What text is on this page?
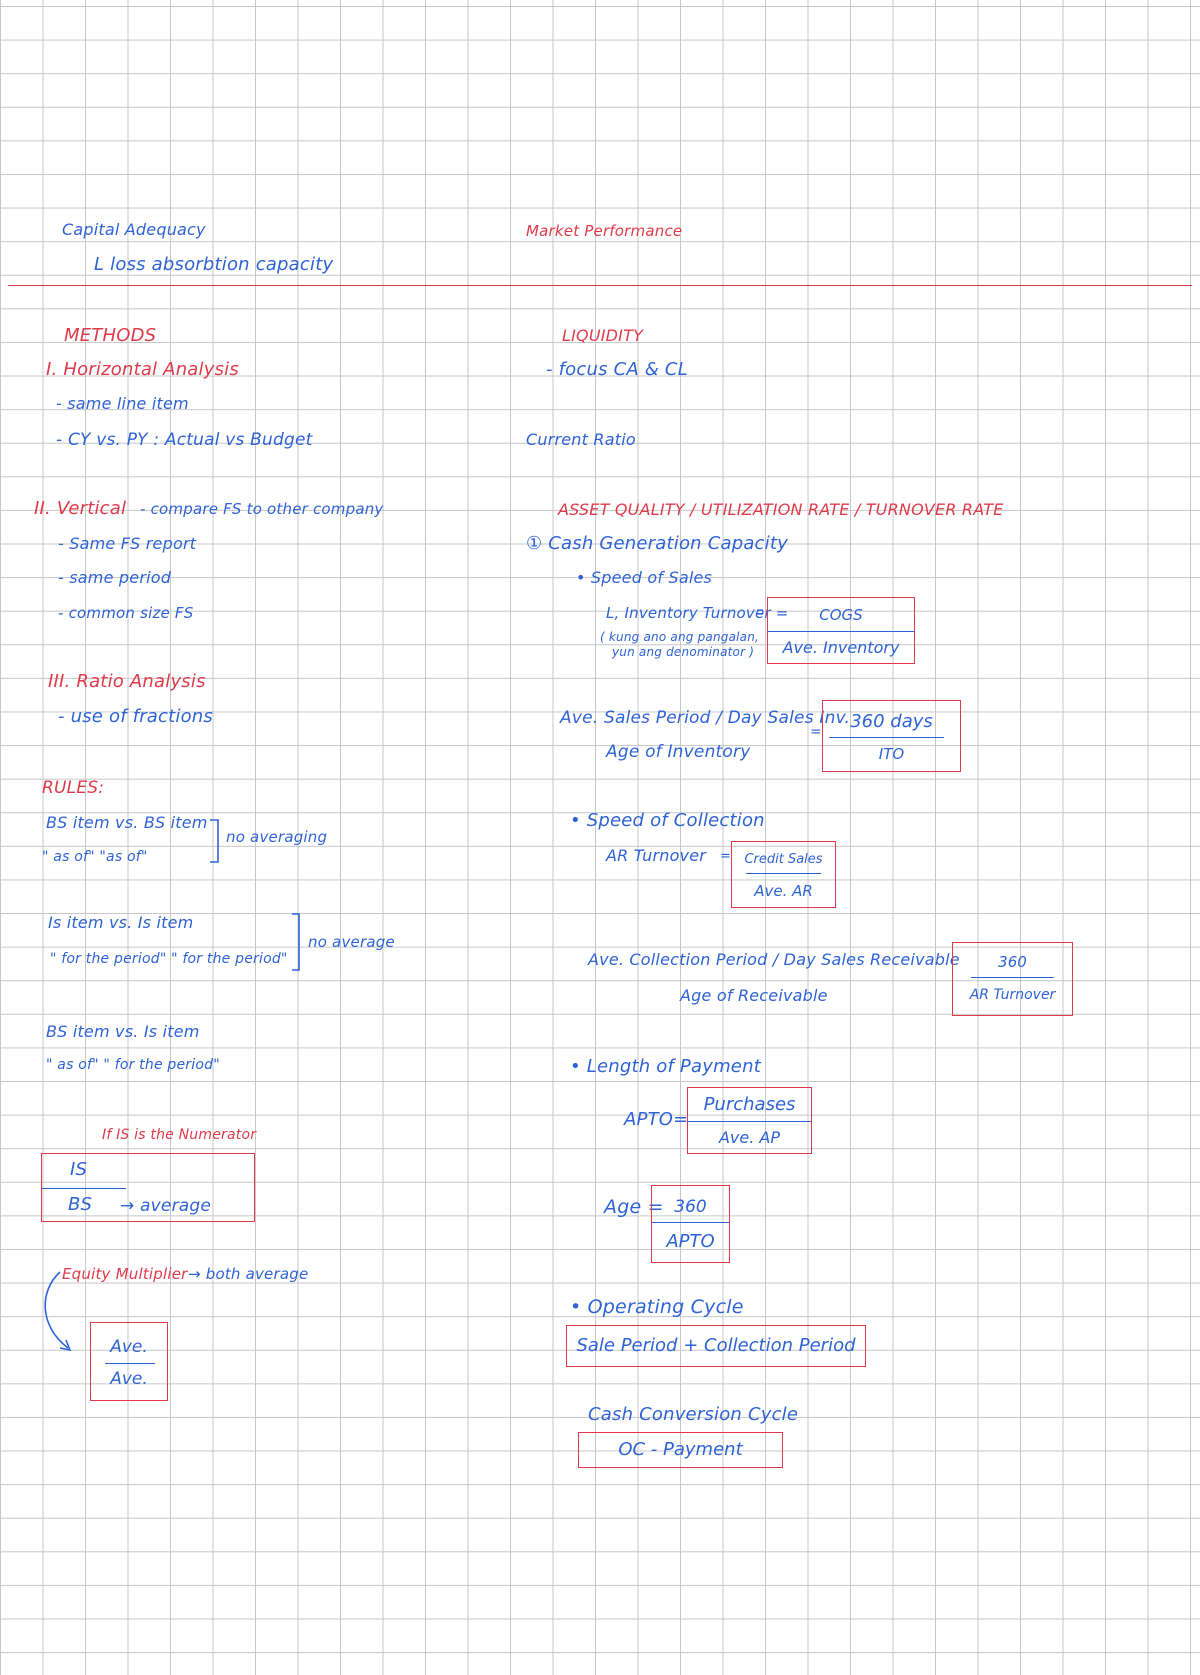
Capital Adequacy
L loss absorbtion capacity
Market Performance
METHODS
I. Horizontal Analysis
- same line item
- CY vs. PY : Actual vs Budget
II. Vertical - compare FS to other company
- Same FS report
- same period
- common size FS
III. Ratio Analysis
- use of fractions
RULES:
BS item vs. BS item
" as of" "as of"
no averaging
Is item vs. Is item
" for the period" " for the period"
no average
BS item vs. Is item
" as of" " for the period"
If IS is the Numerator
IS
BS → average
Equity Multiplier → both average
Ave.
Ave.
LIQUIDITY
- focus CA & CL
Current Ratio
ASSET QUALITY / UTILIZATION RATE / TURNOVER RATE
① Cash Generation Capacity
• Speed of Sales
L, Inventory Turnover =
( kung ano ang pangalan,
yun ang denominator )
COGS
Ave. Inventory
Ave. Sales Period / Day Sales Inv.
Age of Inventory
=	360 days
ITO
• Speed of Collection
AR Turnover =	Credit Sales
Ave. AR
Ave. Collection Period / Day Sales Receivable
Age of Receivable
360
AR Turnover
• Length of Payment
APTO=
Purchases
Ave. AP
Age = 360
APTO
• Operating Cycle
Sale Period + Collection Period
Cash Conversion Cycle
OC - Payment
